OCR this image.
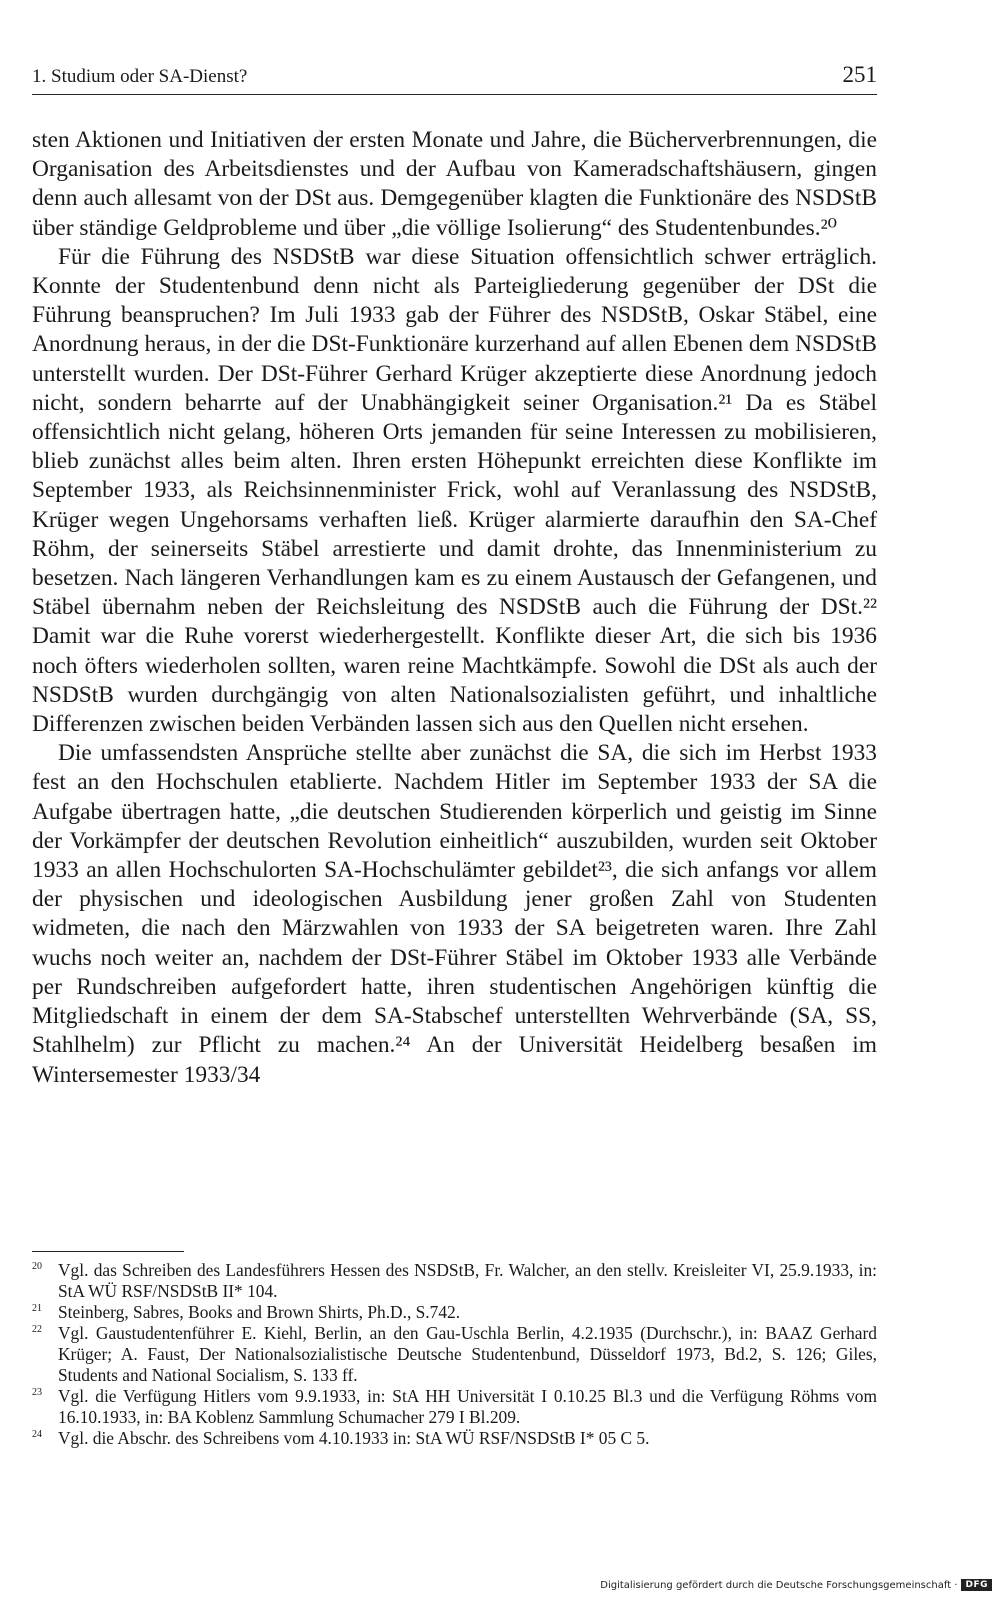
1. Studium oder SA-Dienst?	251

sten Aktionen und Initiativen der ersten Monate und Jahre, die Bücherverbrennungen, die Organisation des Arbeitsdienstes und der Aufbau von Kameradschaftshäusern, gingen denn auch allesamt von der DSt aus. Demgegenüber klagten die Funktionäre des NSDStB über ständige Geldprobleme und über „die völlige Isolierung“ des Studentenbundes.²⁰

Für die Führung des NSDStB war diese Situation offensichtlich schwer erträglich. Konnte der Studentenbund denn nicht als Parteigliederung gegenüber der DSt die Führung beanspruchen? Im Juli 1933 gab der Führer des NSDStB, Oskar Stäbel, eine Anordnung heraus, in der die DSt-Funktionäre kurzerhand auf allen Ebenen dem NSDStB unterstellt wurden. Der DSt-Führer Gerhard Krüger akzeptierte diese Anordnung jedoch nicht, sondern beharrte auf der Unabhängigkeit seiner Organisation.²¹ Da es Stäbel offensichtlich nicht gelang, höheren Orts jemanden für seine Interessen zu mobilisieren, blieb zunächst alles beim alten. Ihren ersten Höhepunkt erreichten diese Konflikte im September 1933, als Reichsinnenminister Frick, wohl auf Veranlassung des NSDStB, Krüger wegen Ungehorsams verhaften ließ. Krüger alarmierte daraufhin den SA-Chef Röhm, der seinerseits Stäbel arrestierte und damit drohte, das Innenministerium zu besetzen. Nach längeren Verhandlungen kam es zu einem Austausch der Gefangenen, und Stäbel übernahm neben der Reichsleitung des NSDStB auch die Führung der DSt.²² Damit war die Ruhe vorerst wiederhergestellt. Konflikte dieser Art, die sich bis 1936 noch öfters wiederholen sollten, waren reine Machtkämpfe. Sowohl die DSt als auch der NSDStB wurden durchgängig von alten Nationalsozialisten geführt, und inhaltliche Differenzen zwischen beiden Verbänden lassen sich aus den Quellen nicht ersehen.

Die umfassendsten Ansprüche stellte aber zunächst die SA, die sich im Herbst 1933 fest an den Hochschulen etablierte. Nachdem Hitler im September 1933 der SA die Aufgabe übertragen hatte, „die deutschen Studierenden körperlich und geistig im Sinne der Vorkämpfer der deutschen Revolution einheitlich“ auszubilden, wurden seit Oktober 1933 an allen Hochschulorten SA-Hochschulämter gebildet²³, die sich anfangs vor allem der physischen und ideologischen Ausbildung jener großen Zahl von Studenten widmeten, die nach den Märzwahlen von 1933 der SA beigetreten waren. Ihre Zahl wuchs noch weiter an, nachdem der DSt-Führer Stäbel im Oktober 1933 alle Verbände per Rundschreiben aufgefordert hatte, ihren studentischen Angehörigen künftig die Mitgliedschaft in einem der dem SA-Stabschef unterstellten Wehrverbände (SA, SS, Stahlhelm) zur Pflicht zu machen.²⁴ An der Universität Heidelberg besaßen im Wintersemester 1933/34

20 Vgl. das Schreiben des Landesführers Hessen des NSDStB, Fr. Walcher, an den stellv. Kreisleiter VI, 25.9.1933, in: StA WÜ RSF/NSDStB II* 104.
21 Steinberg, Sabres, Books and Brown Shirts, Ph.D., S.742.
22 Vgl. Gaustudentenführer E. Kiehl, Berlin, an den Gau-Uschla Berlin, 4.2.1935 (Durchschr.), in: BAAZ Gerhard Krüger; A. Faust, Der Nationalsozialistische Deutsche Studentenbund, Düsseldorf 1973, Bd.2, S. 126; Giles, Students and National Socialism, S. 133 ff.
23 Vgl. die Verfügung Hitlers vom 9.9.1933, in: StA HH Universität I 0.10.25 Bl.3 und die Verfügung Röhms vom 16.10.1933, in: BA Koblenz Sammlung Schumacher 279 I Bl.209.
24 Vgl. die Abschr. des Schreibens vom 4.10.1933 in: StA WÜ RSF/NSDStB I* 05 C 5.
Digitalisierung gefördert durch die Deutsche Forschungsgemeinschaft · DFG
